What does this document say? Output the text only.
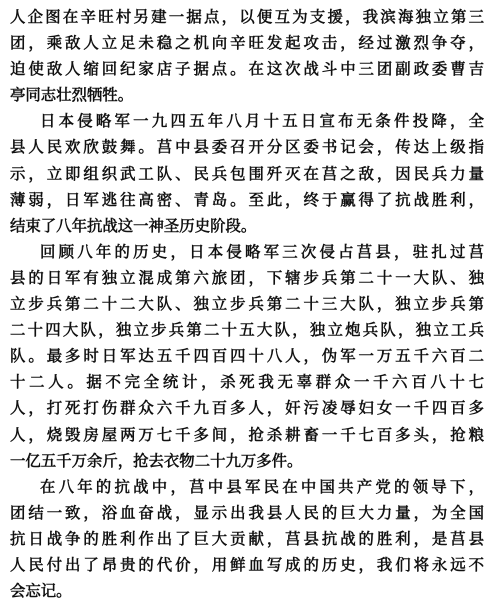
人企图在辛旺村另建一据点，以便互为支援，我滨海独立第三
团，乘敌人立足未稳之机向辛旺发起攻击，经过激烈争夺，
迫使敌人缩回纪家店子据点。在这次战斗中三团副政委曹吉
亭同志壮烈牺牲。
日本侵略军一九四五年八月十五日宣布无条件投降，全
县人民欢欣鼓舞。莒中县委召开分区委书记会，传达上级指
示，立即组织武工队、民兵包围歼灭在莒之敌，因民兵力量
薄弱，日军逃往高密、青岛。至此，终于赢得了抗战胜利，
结束了八年抗战这一神圣历史阶段。
回顾八年的历史，日本侵略军三次侵占莒县，驻扎过莒
县的日军有独立混成第六旅团，下辖步兵第二十一大队、独
立步兵第二十二大队、独立步兵第二十三大队，独立步兵第
二十四大队，独立步兵第二十五大队，独立炮兵队，独立工兵
队。最多时日军达五千四百四十八人，伪军一万五千六百二
十二人。据不完全统计，杀死我无辜群众一千六百八十七
人，打死打伤群众六千九百多人，奸污凌辱妇女一千四百多
人，烧毁房屋两万七千多间，抢杀耕畜一千七百多头，抢粮
一亿五千万余斤，抢去衣物二十九万多件。
在八年的抗战中，莒中县军民在中国共产党的领导下，
团结一致，浴血奋战，显示出我县人民的巨大力量，为全国
抗日战争的胜利作出了巨大贡献，莒县抗战的胜利，是莒县
人民付出了昂贵的代价，用鲜血写成的历史，我们将永远不
会忘记。
